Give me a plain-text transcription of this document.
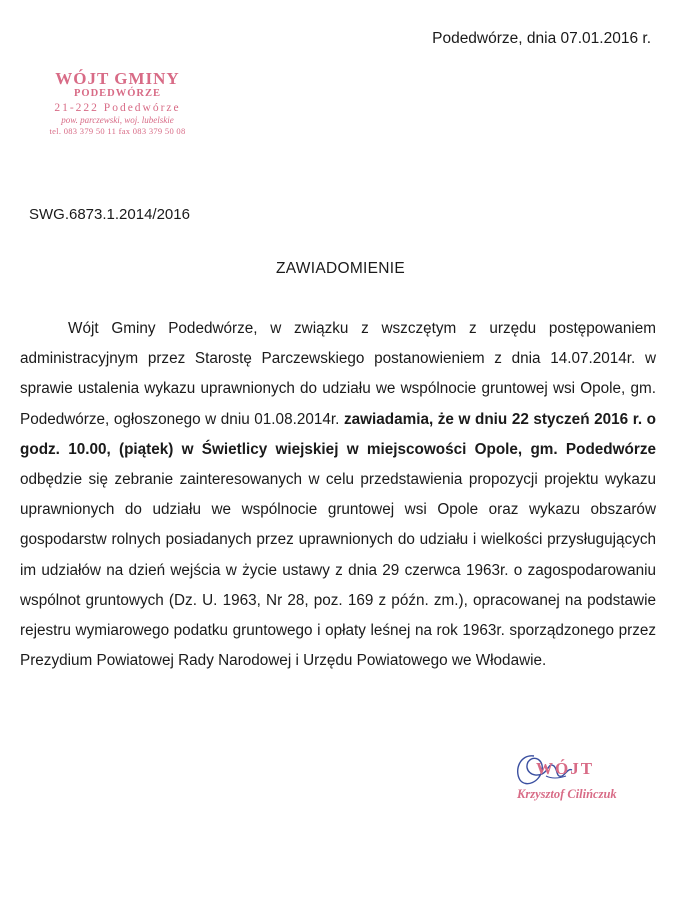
Podedwórze, dnia 07.01.2016 r.
WÓJT GMINY
PODEDWÓRZE
21-222 Podedwórze
pow. parczewski, woj. lubelskie
tel. 083 379 50 11 fax 083 379 50 08
SWG.6873.1.2014/2016
ZAWIADOMIENIE
Wójt Gminy Podedwórze, w związku z wszczętym z urzędu postępowaniem administracyjnym przez Starostę Parczewskiego postanowieniem z dnia 14.07.2014r. w sprawie ustalenia wykazu uprawnionych do udziału we wspólnocie gruntowej wsi Opole, gm. Podedwórze, ogłoszonego w dniu 01.08.2014r. zawiadamia, że w dniu 22 styczeń 2016 r. o godz. 10.00, (piątek) w Świetlicy wiejskiej w miejscowości Opole, gm. Podedwórze odbędzie się zebranie zainteresowanych w celu przedstawienia propozycji projektu wykazu uprawnionych do udziału we wspólnocie gruntowej wsi Opole oraz wykazu obszarów gospodarstw rolnych posiadanych przez uprawnionych do udziału i wielkości przysługujących im udziałów na dzień wejścia w życie ustawy z dnia 29 czerwca 1963r. o zagospodarowaniu wspólnot gruntowych (Dz. U. 1963, Nr 28, poz. 169 z późn. zm.), opracowanej na podstawie rejestru wymiarowego podatku gruntowego i opłaty leśnej na rok 1963r. sporządzonego przez Prezydium Powiatowej Rady Narodowej i Urzędu Powiatowego we Włodawie.
WÓJT
Krzysztof Cilińczuk
